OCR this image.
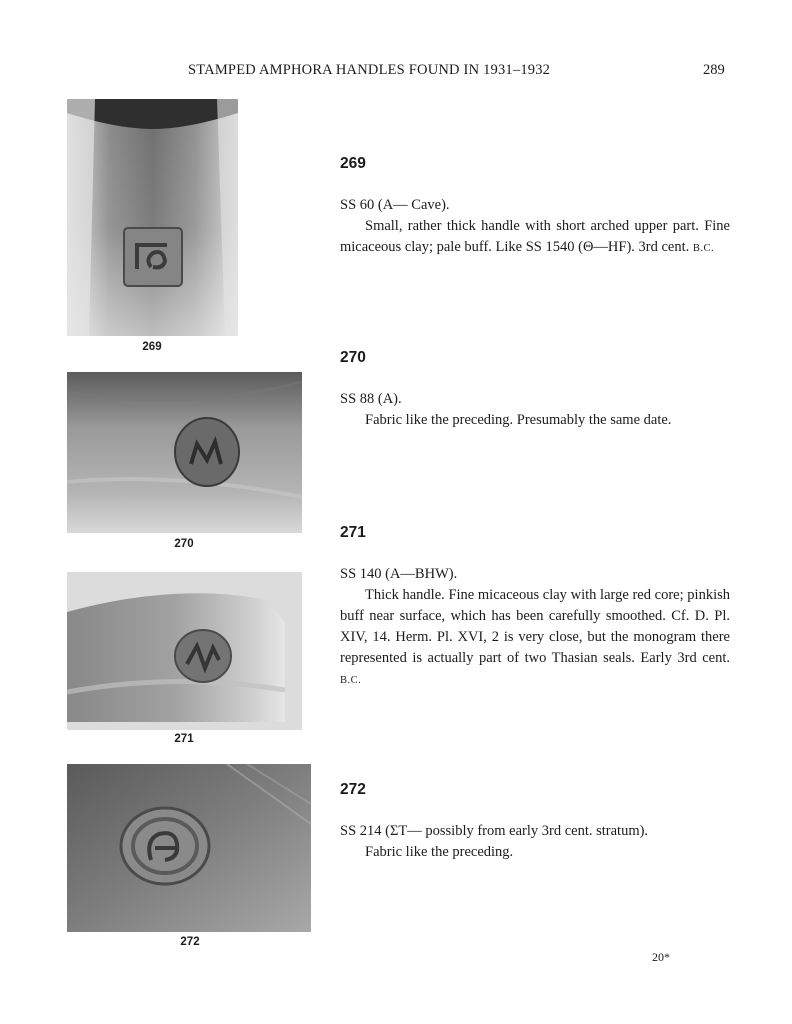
STAMPED AMPHORA HANDLES FOUND IN 1931–1932	289
269
270
271
272
269

SS 60 (A— Cave).

Small, rather thick handle with short arched upper part. Fine micaceous clay; pale buff. Like SS 1540 (Θ—HF). 3rd cent. B.C.

270

SS 88 (A).

Fabric like the preceding. Presumably the same date.

271

SS 140 (A—BHW).

Thick handle. Fine micaceous clay with large red core; pinkish buff near surface, which has been carefully smoothed. Cf. D. Pl. XIV, 14. Herm. Pl. XVI, 2 is very close, but the monogram there represented is actually part of two Thasian seals. Early 3rd cent. B.C.

272

SS 214 (ΣT— possibly from early 3rd cent. stratum).

Fabric like the preceding.

20*
